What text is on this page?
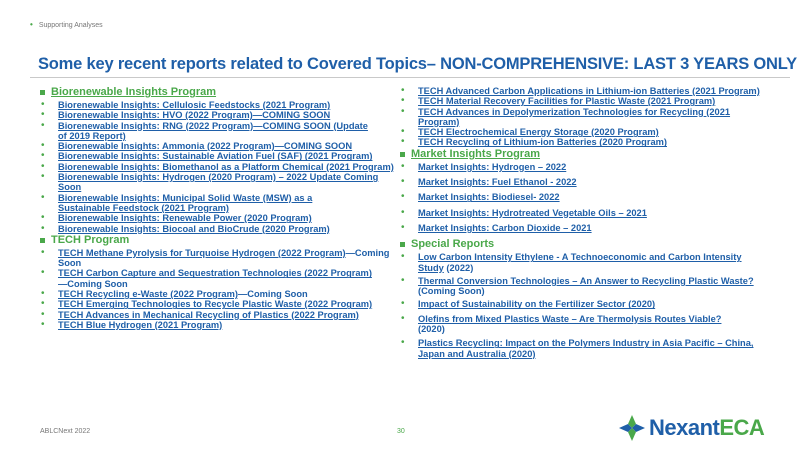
• Supporting Analyses
Some key recent reports related to Covered Topics– NON-COMPREHENSIVE: LAST 3 YEARS ONLY
Biorenewable Insights Program
•	Biorenewable Insights: Cellulosic Feedstocks (2021 Program)
•	Biorenewable Insights: HVO (2022 Program)—COMING SOON
•	Biorenewable Insights: RNG (2022 Program)—COMING SOON (Update of 2019 Report)
•	Biorenewable Insights: Ammonia (2022 Program)—COMING SOON
•	Biorenewable Insights: Sustainable Aviation Fuel (SAF) (2021 Program)
•	Biorenewable Insights: Biomethanol as a Platform Chemical (2021 Program)
•	Biorenewable Insights: Hydrogen (2020 Program) – 2022 Update Coming Soon
•	Biorenewable Insights: Municipal Solid Waste (MSW) as a Sustainable Feedstock (2021 Program)
•	Biorenewable Insights: Renewable Power (2020 Program)
•	Biorenewable Insights: Biocoal and BioCrude (2020 Program)
TECH Program
•	TECH Methane Pyrolysis for Turquoise Hydrogen (2022 Program)—Coming Soon
•	TECH Carbon Capture and Sequestration Technologies (2022 Program)—Coming Soon
•	TECH Recycling e-Waste (2022 Program)—Coming Soon
•	TECH Emerging Technologies to Recycle Plastic Waste (2022 Program)
•	TECH Advances in Mechanical Recycling of Plastics (2022 Program)
•	TECH Blue Hydrogen (2021 Program)
•	TECH Advanced Carbon Applications in Lithium-ion Batteries (2021 Program)
•	TECH Material Recovery Facilities for Plastic Waste (2021 Program)
•	TECH Advances in Depolymerization Technologies for Recycling (2021 Program)
•	TECH Electrochemical Energy Storage (2020 Program)
•	TECH Recycling of Lithium-ion Batteries (2020 Program)
Market Insights Program
•	Market Insights: Hydrogen – 2022
•	Market Insights: Fuel Ethanol - 2022
•	Market Insights: Biodiesel- 2022
•	Market Insights: Hydrotreated Vegetable Oils – 2021
•	Market Insights: Carbon Dioxide – 2021
Special Reports
•	Low Carbon Intensity Ethylene - A Technoeconomic and Carbon Intensity Study (2022)
•	Thermal Conversion Technologies – An Answer to Recycling Plastic Waste? (Coming Soon)
•	Impact of Sustainability on the Fertilizer Sector (2020)
•	Olefins from Mixed Plastics Waste – Are Thermolysis Routes Viable? (2020)
•	Plastics Recycling: Impact on the Polymers Industry in Asia Pacific – China, Japan and Australia (2020)
ABLCNext 2022	30	NexantECA
